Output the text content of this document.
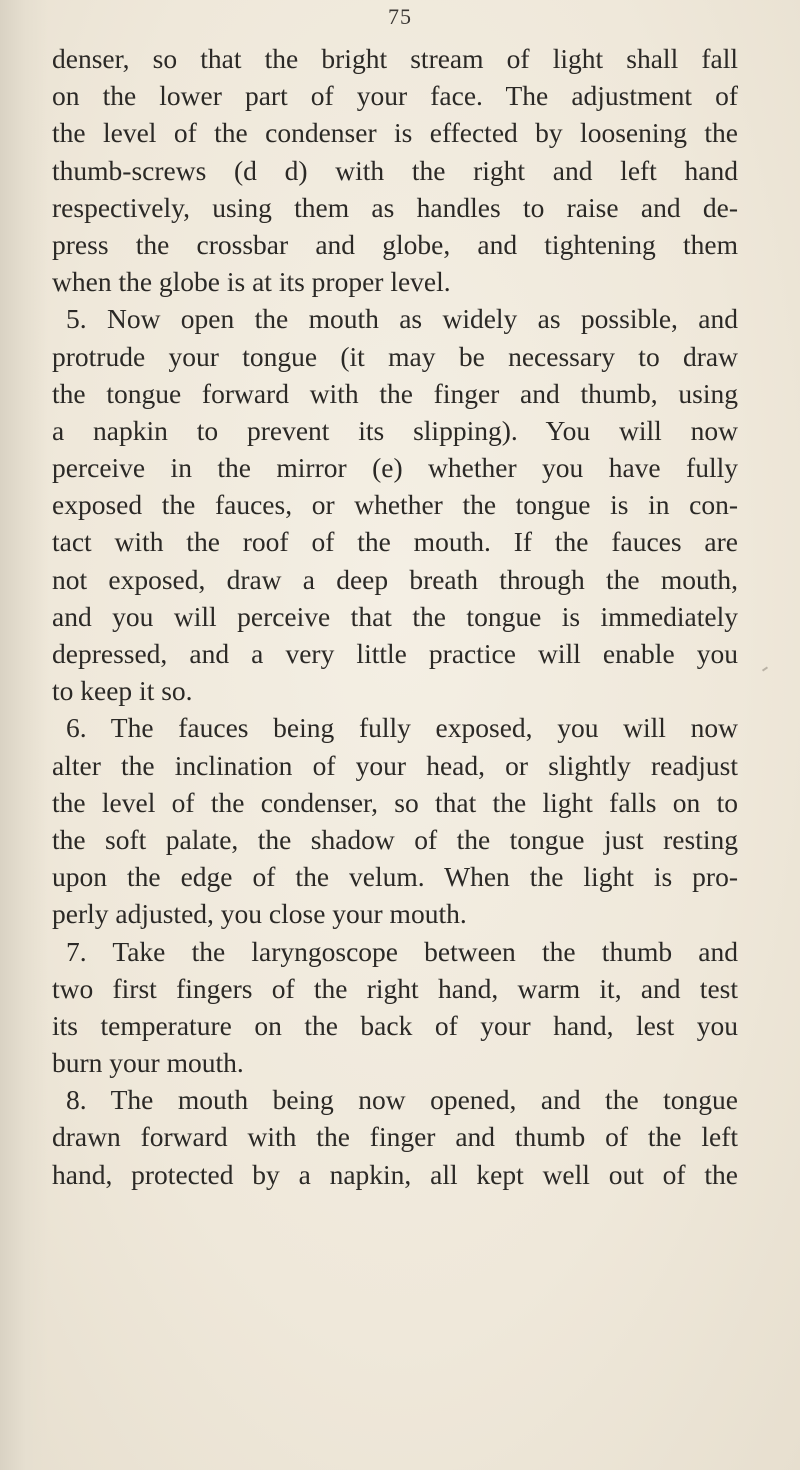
75
denser, so that the bright stream of light shall fall
on the lower part of your face. The adjustment of
the level of the condenser is effected by loosening the
thumb-screws (d d) with the right and left hand
respectively, using them as handles to raise and de-
press the crossbar and globe, and tightening them
when the globe is at its proper level.
5. Now open the mouth as widely as possible, and
protrude your tongue (it may be necessary to draw
the tongue forward with the finger and thumb, using
a napkin to prevent its slipping). You will now
perceive in the mirror (e) whether you have fully
exposed the fauces, or whether the tongue is in con-
tact with the roof of the mouth. If the fauces are
not exposed, draw a deep breath through the mouth,
and you will perceive that the tongue is immediately
depressed, and a very little practice will enable you
to keep it so.
6. The fauces being fully exposed, you will now
alter the inclination of your head, or slightly readjust
the level of the condenser, so that the light falls on to
the soft palate, the shadow of the tongue just resting
upon the edge of the velum. When the light is pro-
perly adjusted, you close your mouth.
7. Take the laryngoscope between the thumb and
two first fingers of the right hand, warm it, and test
its temperature on the back of your hand, lest you
burn your mouth.
8. The mouth being now opened, and the tongue
drawn forward with the finger and thumb of the left
hand, protected by a napkin, all kept well out of the
